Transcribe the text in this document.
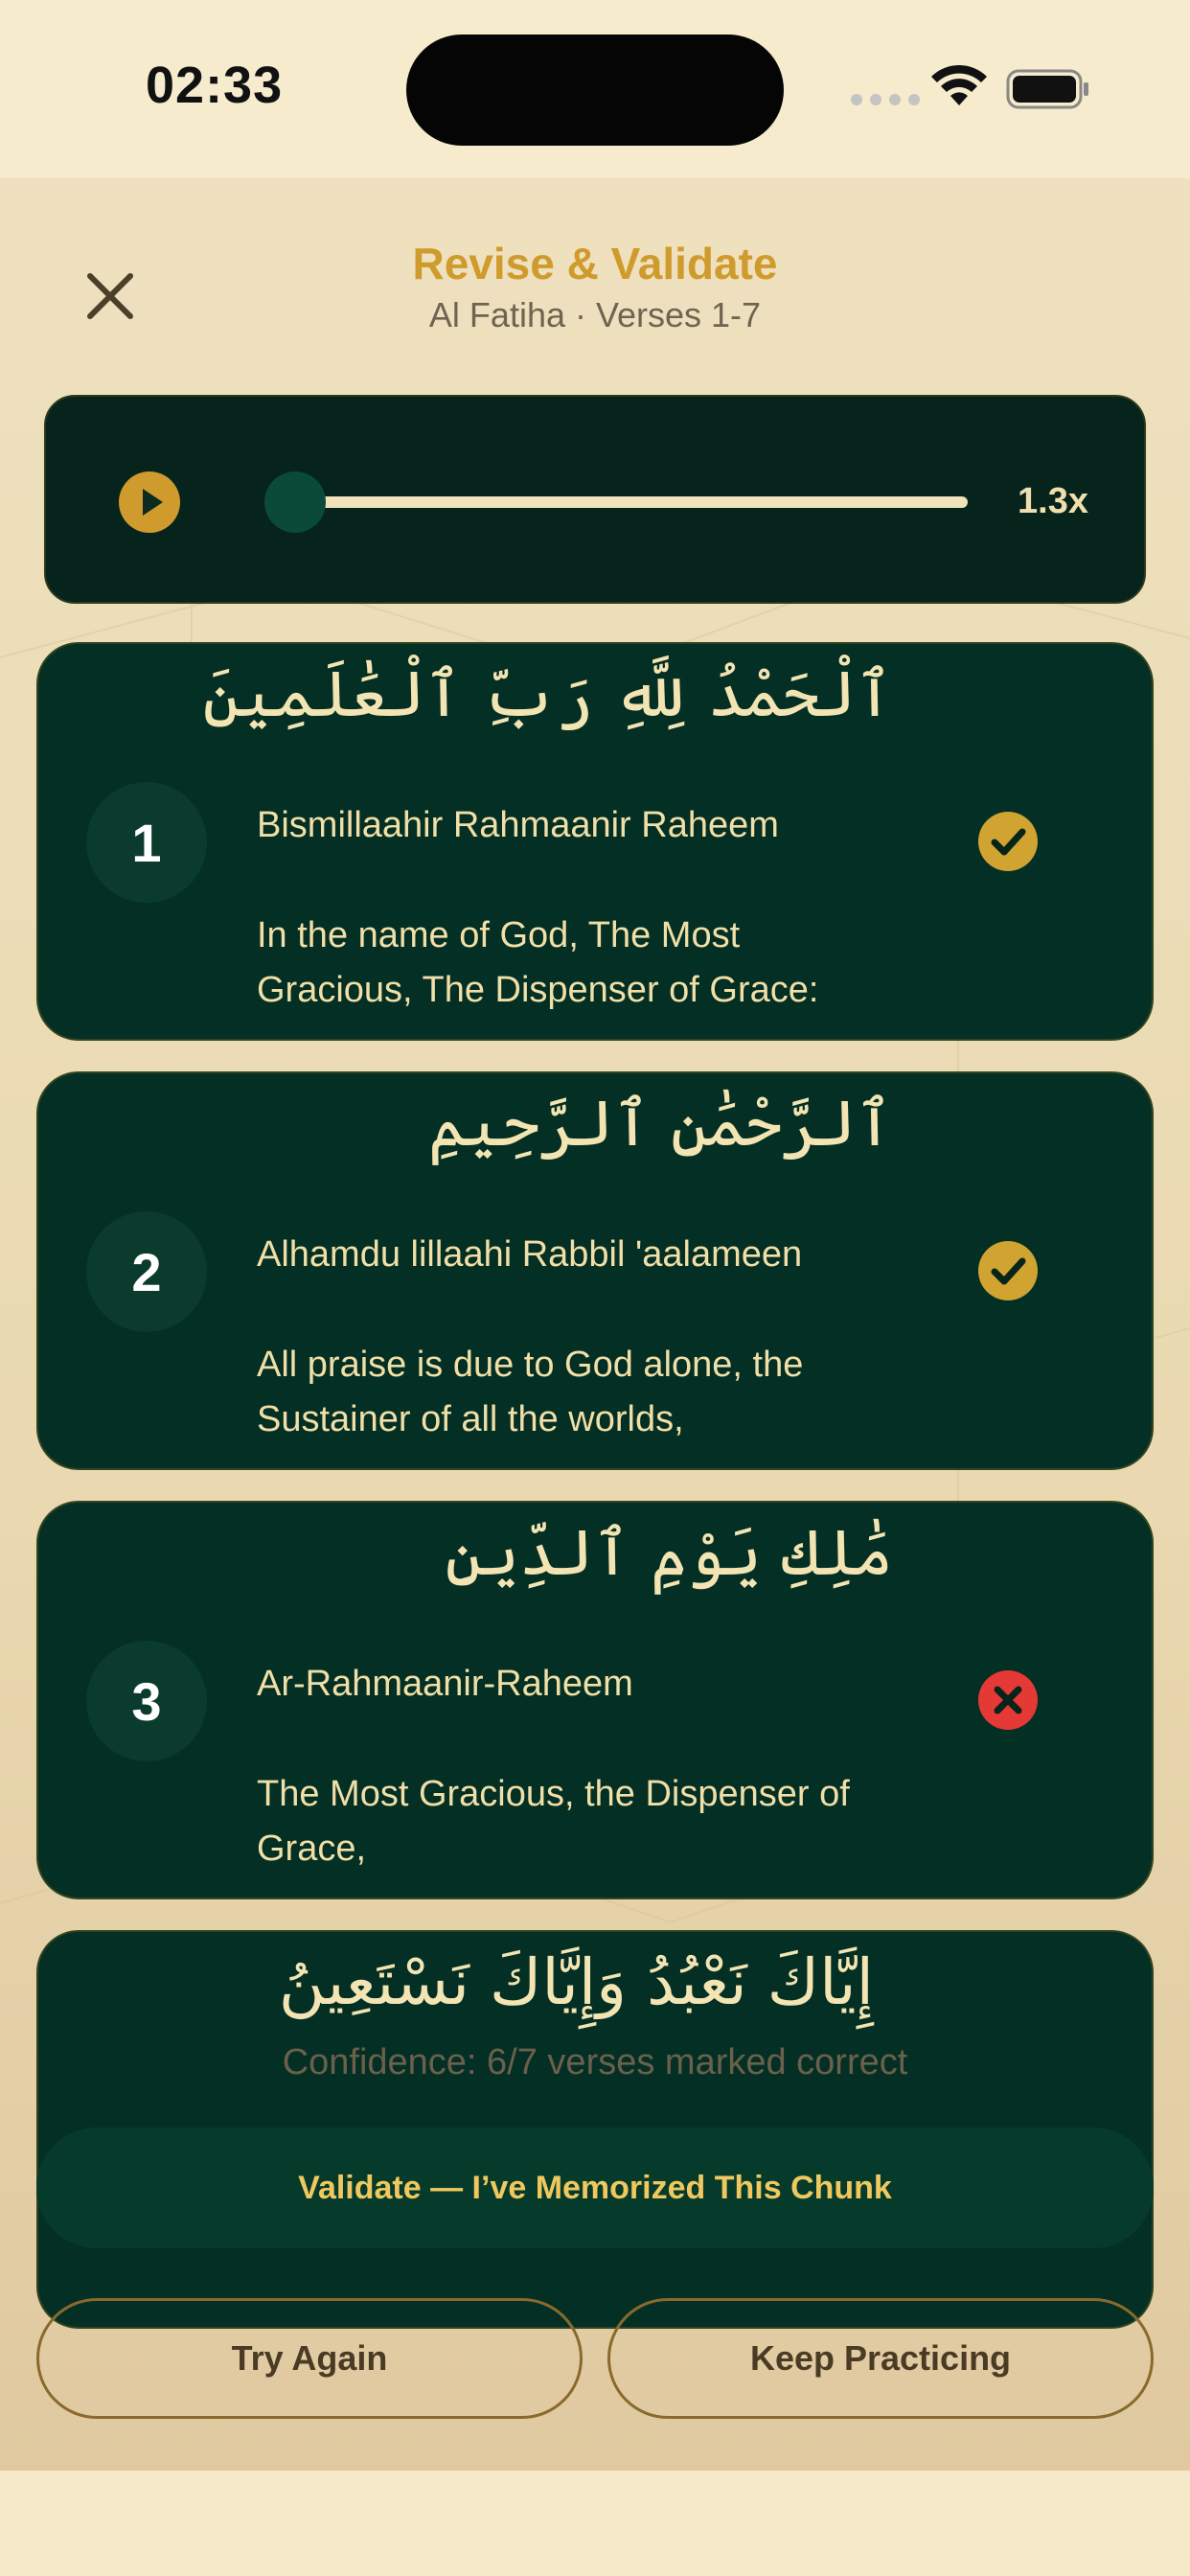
02:33
Revise & Validate
Al Fatiha · Verses 1-7
1.3x
ٱلْحَمْدُ لِلَّهِ رَبِّ ٱلْعَٰلَمِينَ
1	Bismillaahir Rahmaanir Raheem
In the name of God, The Most Gracious, The Dispenser of Grace:
ٱلرَّحْمَٰنِ ٱلرَّحِيمِ
2	Alhamdu lillaahi Rabbil 'aalameen
All praise is due to God alone, the Sustainer of all the worlds,
مَٰلِكِ يَوْمِ ٱلدِّينِ
3	Ar-Rahmaanir-Raheem
The Most Gracious, the Dispenser of Grace,
إِيَّاكَ نَعْبُدُ وَإِيَّاكَ نَسْتَعِينُ
Confidence: 6/7 verses marked correct
Validate — I’ve Memorized This Chunk
Try Again	Keep Practicing
